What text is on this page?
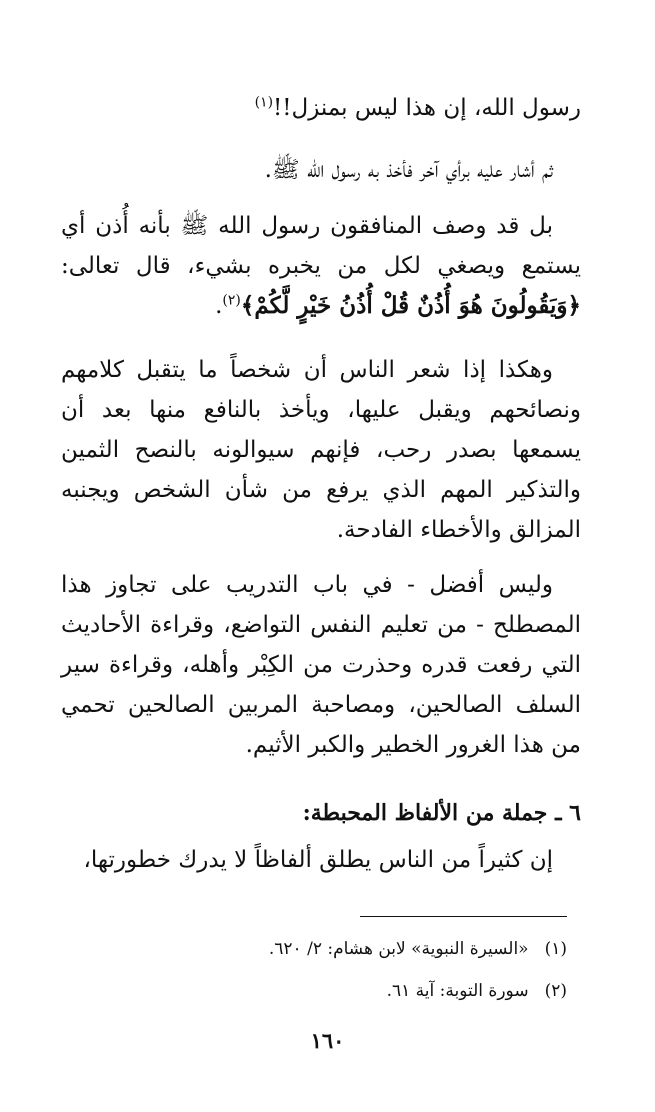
رسول الله، إن هذا ليس بمنزل!!$^{(١)}$
ثم أشار عليه برأي آخر فأخذ به رسول الله ﷺ.
بل قد وصف المنافقون رسول الله ﷺ بأنه أُذن أي يستمع ويصغي لكل من يخبره بشيء، قال تعالى: ﴿وَيَقُولُونَ هُوَ أُذُنٌ قُلْ أُذُنُ خَيْرٍ لَّكُمْ﴾$^{(٢)}$.
وهكذا إذا شعر الناس أن شخصاً ما يتقبل كلامهم ونصائحهم ويقبل عليها، ويأخذ بالنافع منها بعد أن يسمعها بصدر رحب، فإنهم سيوالونه بالنصح الثمين والتذكير المهم الذي يرفع من شأن الشخص ويجنبه المزالق والأخطاء الفادحة.
وليس أفضل - في باب التدريب على تجاوز هذا المصطلح - من تعليم النفس التواضع، وقراءة الأحاديث التي رفعت قدره وحذرت من الكِبْر وأهله، وقراءة سير السلف الصالحين، ومصاحبة المربين الصالحين تحمي من هذا الغرور الخطير والكبر الأثيم.
٦ ـ جملة من الألفاظ المحبطة:
إن كثيراً من الناس يطلق ألفاظاً لا يدرك خطورتها،
(١)«السيرة النبوية» لابن هشام: ٢/ ٦٢٠.
(٢)سورة التوبة: آية ٦١.
١٦٠
